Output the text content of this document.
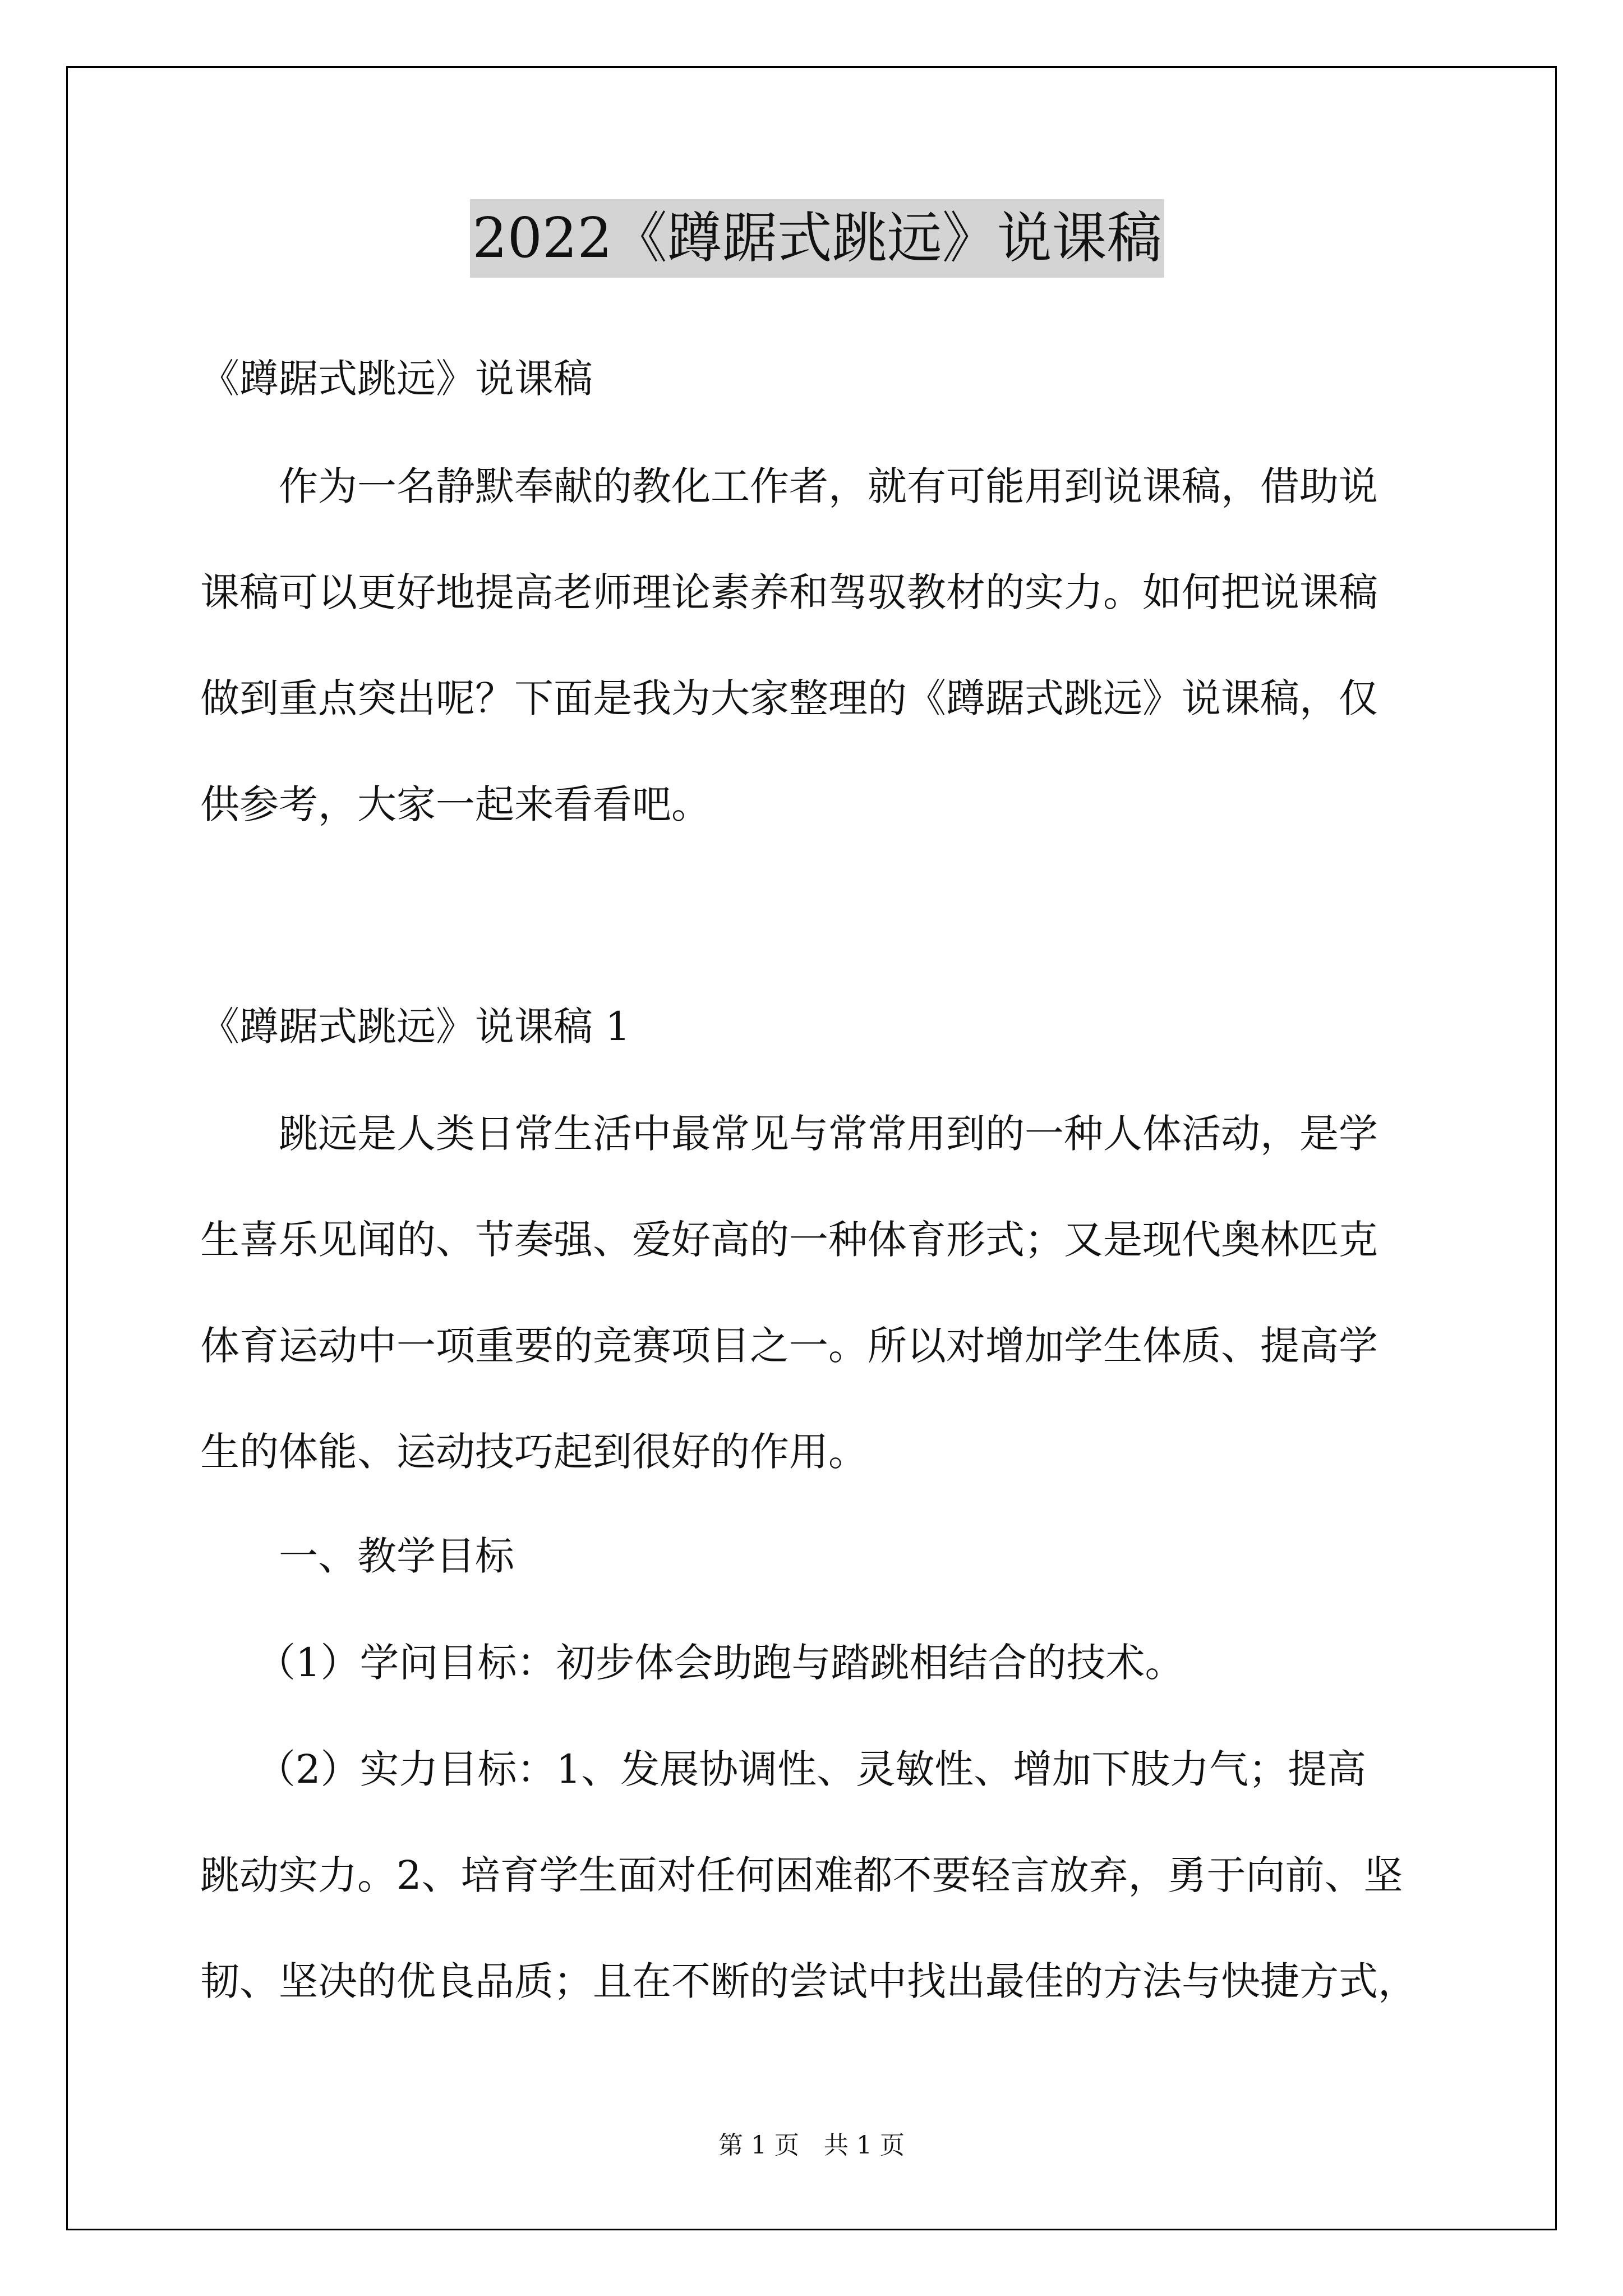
2022《蹲踞式跳远》说课稿
《蹲踞式跳远》说课稿
作为一名静默奉献的教化工作者，就有可能用到说课稿，借助说
课稿可以更好地提高老师理论素养和驾驭教材的实力。如何把说课稿
做到重点突出呢？下面是我为大家整理的《蹲踞式跳远》说课稿，仅
供参考，大家一起来看看吧。
《蹲踞式跳远》说课稿 1
跳远是人类日常生活中最常见与常常用到的一种人体活动，是学
生喜乐见闻的、节奏强、爱好高的一种体育形式；又是现代奥林匹克
体育运动中一项重要的竞赛项目之一。所以对增加学生体质、提高学
生的体能、运动技巧起到很好的作用。
一、教学目标
（1）学问目标：初步体会助跑与踏跳相结合的技术。
（2）实力目标：1、发展协调性、灵敏性、增加下肢力气；提高
跳动实力。2、培育学生面对任何困难都不要轻言放弃，勇于向前、坚
韧、坚决的优良品质；且在不断的尝试中找出最佳的方法与快捷方式，
第 1 页　共 1 页
